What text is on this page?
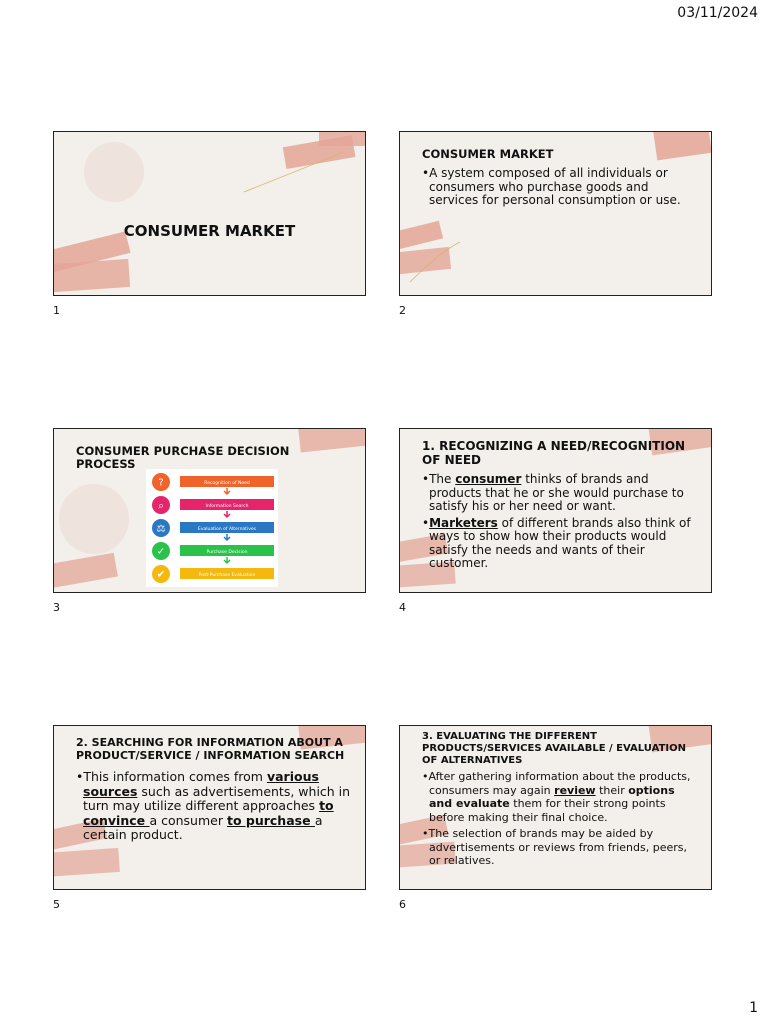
03/11/2024
CONSUMER MARKET
1
CONSUMER MARKET
• A system composed of all individuals or consumers who purchase goods and services for personal consumption or use.
2
CONSUMER PURCHASE DECISION PROCESS
?	Recognition of Need
⌕	Information Search
⚖	Evaluation of Alternatives
✓	Purchase Decision
✔	Post-Purchase Evaluation
3
1. RECOGNIZING A NEED/RECOGNITION OF NEED
• The consumer thinks of brands and products that he or she would purchase to satisfy his or her need or want.
• Marketers of different brands also think of ways to show how their products would satisfy the needs and wants of their customer.
4
2. SEARCHING FOR INFORMATION ABOUT A PRODUCT/SERVICE / INFORMATION SEARCH
• This information comes from various sources such as advertisements, which in turn may utilize different approaches to convince a consumer to purchase a certain product.
5
3. EVALUATING THE DIFFERENT PRODUCTS/SERVICES AVAILABLE / EVALUATION OF ALTERNATIVES
• After gathering information about the products, consumers may again review their options and evaluate them for their strong points before making their final choice.
• The selection of brands may be aided by advertisements or reviews from friends, peers, or relatives.
6
1
